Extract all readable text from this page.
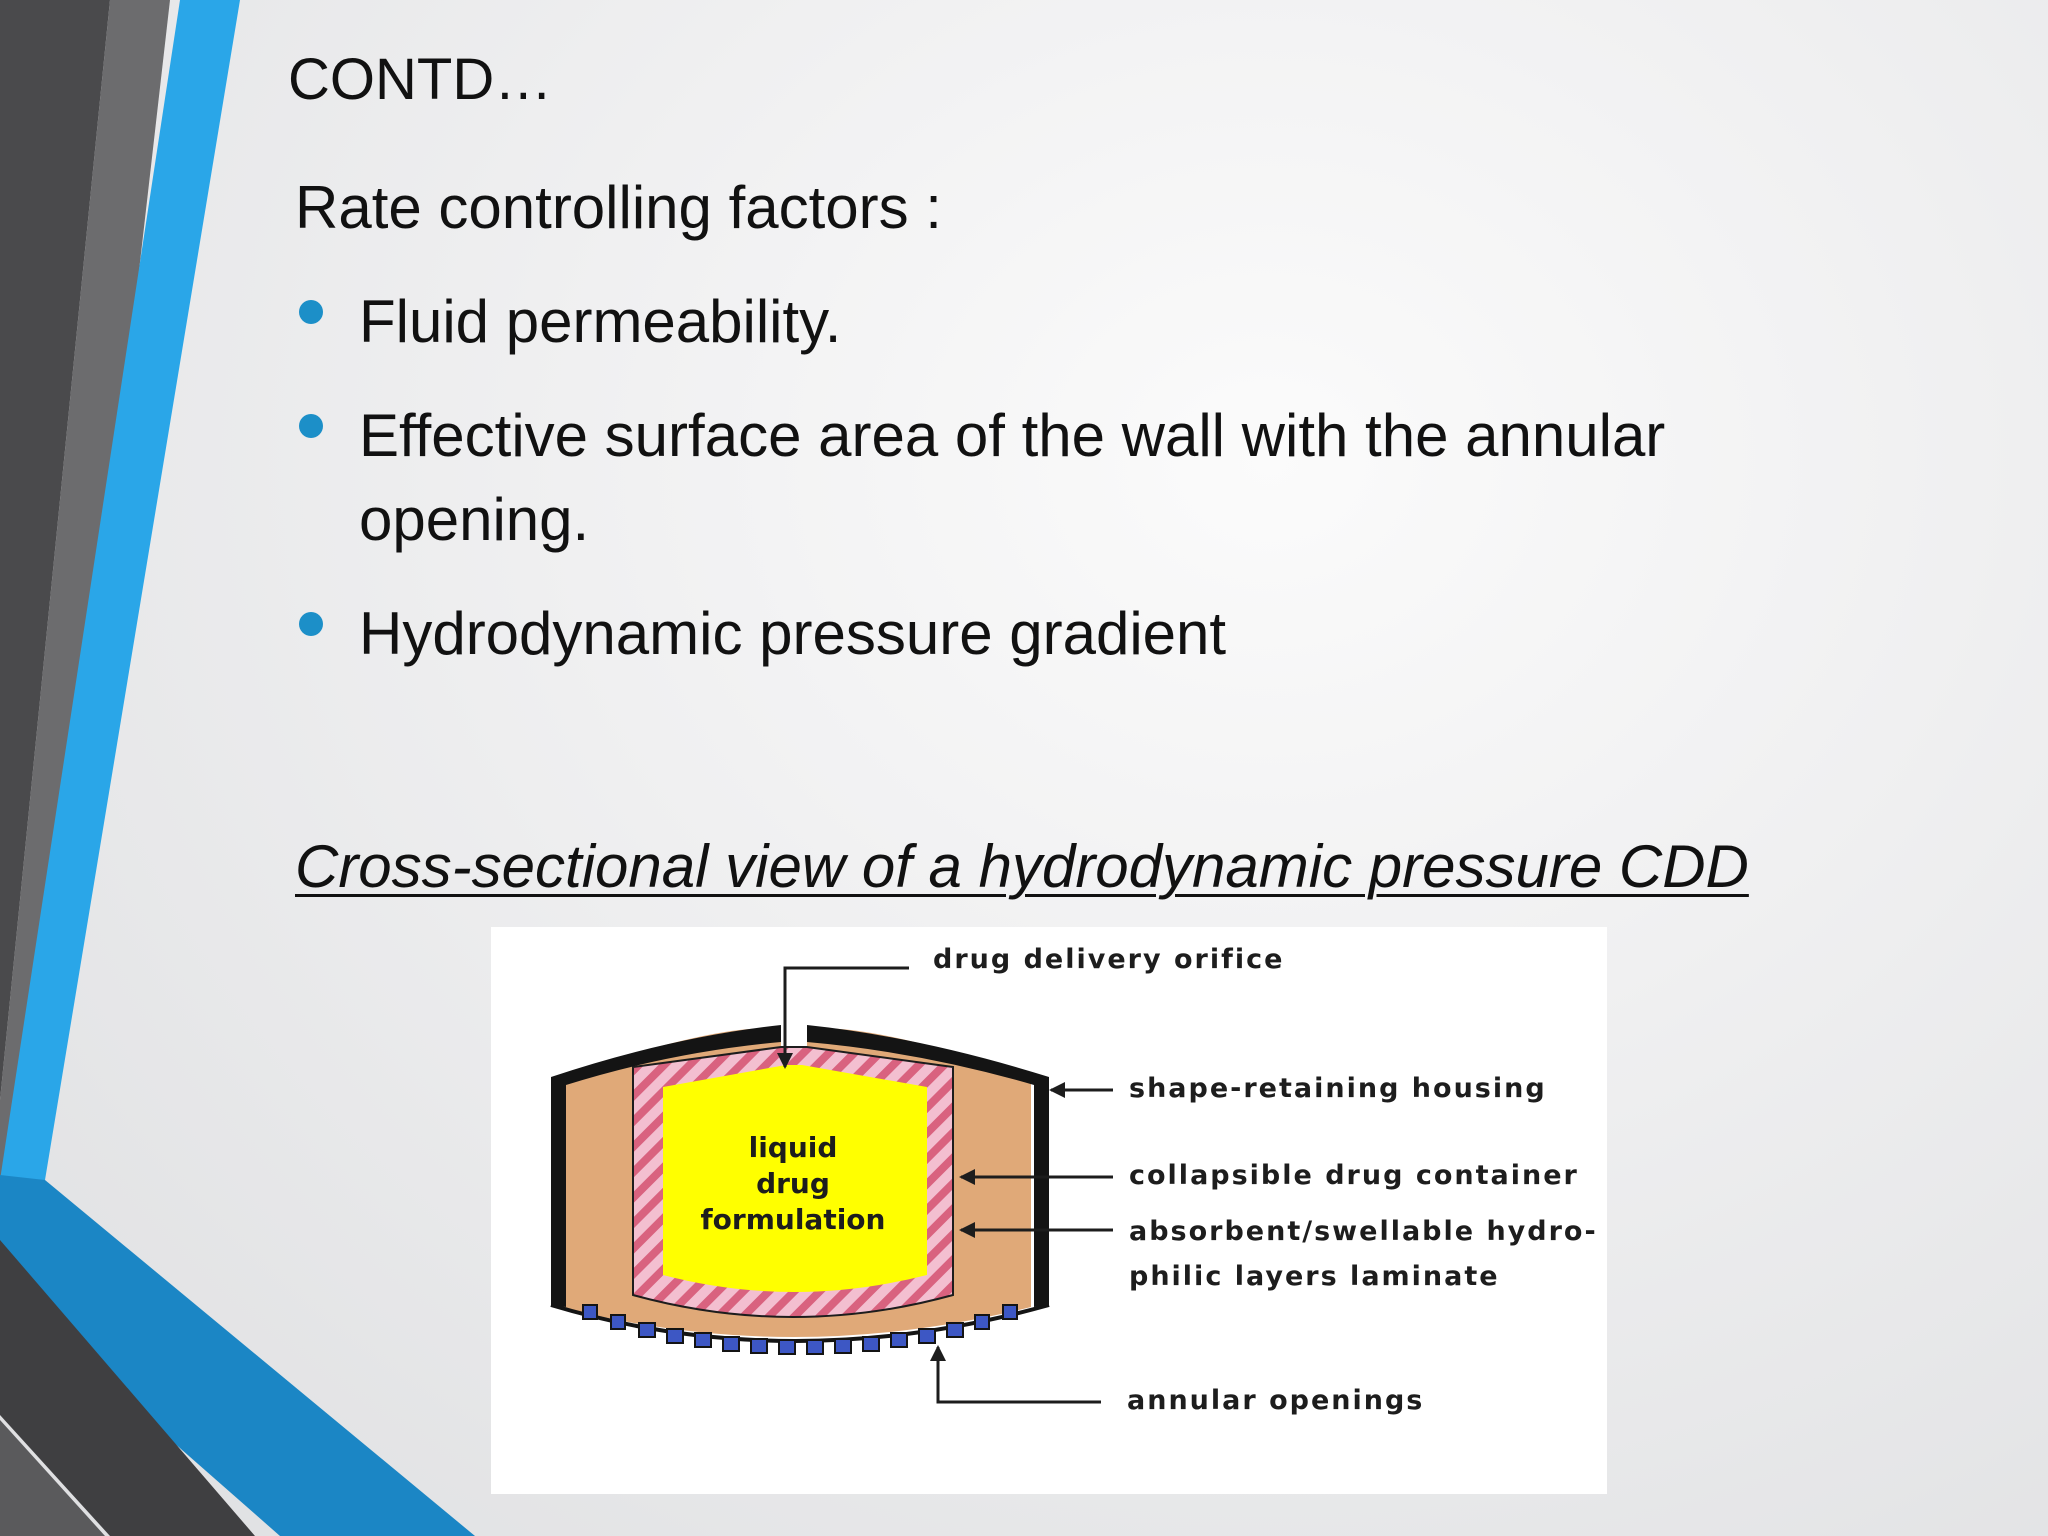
CONTD…
Rate controlling factors :
Fluid permeability.
Effective surface area of the wall with the annular opening.
Hydrodynamic pressure gradient
Cross-sectional view of a hydrodynamic pressure CDD
drug delivery orifice
shape-retaining housing
collapsible drug container
absorbent/swellable hydro-
philic layers laminate
annular openings
liquid
drug
formulation
